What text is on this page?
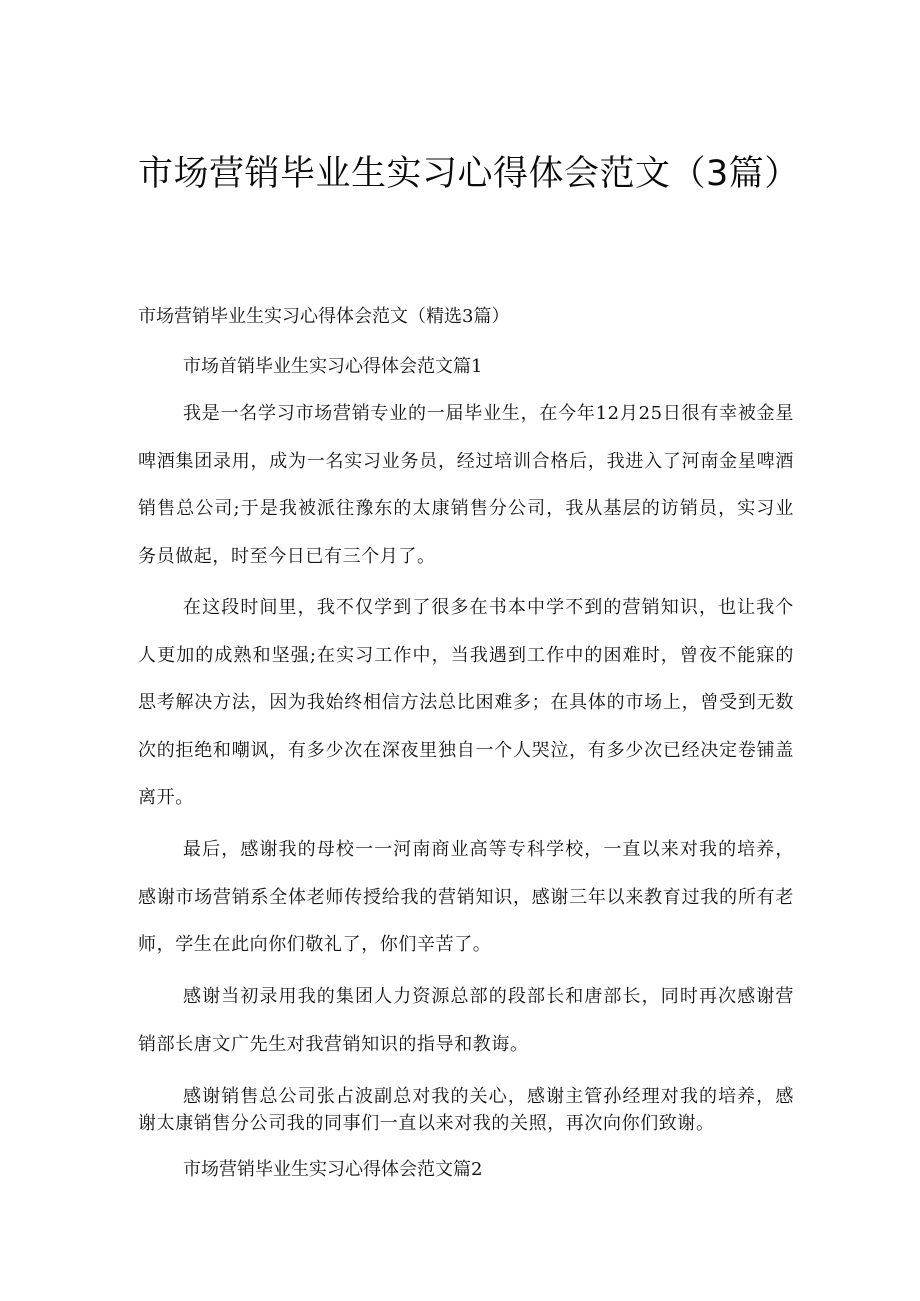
市场营销毕业生实习心得体会范文（3篇）
市场营销毕业生实习心得体会范文（精选3篇）
市场首销毕业生实习心得体会范文篇1

我是一名学习市场营销专业的一届毕业生，在今年12月25日很有幸被金星啤酒集团录用，成为一名实习业务员，经过培训合格后，我进入了河南金星啤酒销售总公司;于是我被派往豫东的太康销售分公司，我从基层的访销员，实习业务员做起，时至今日已有三个月了。

在这段时间里，我不仅学到了很多在书本中学不到的营销知识，也让我个人更加的成熟和坚强;在实习工作中，当我遇到工作中的困难时，曾夜不能寐的思考解决方法，因为我始终相信方法总比困难多；在具体的市场上，曾受到无数次的拒绝和嘲讽，有多少次在深夜里独自一个人哭泣，有多少次已经决定卷铺盖离开。

最后，感谢我的母校一一河南商业高等专科学校，一直以来对我的培养，感谢市场营销系全体老师传授给我的营销知识，感谢三年以来教育过我的所有老师，学生在此向你们敬礼了，你们辛苦了。

感谢当初录用我的集团人力资源总部的段部长和唐部长，同时再次感谢营销部长唐文广先生对我营销知识的指导和教诲。

感谢销售总公司张占波副总对我的关心，感谢主管孙经理对我的培养，感谢太康销售分公司我的同事们一直以来对我的关照，再次向你们致谢。

市场营销毕业生实习心得体会范文篇2
